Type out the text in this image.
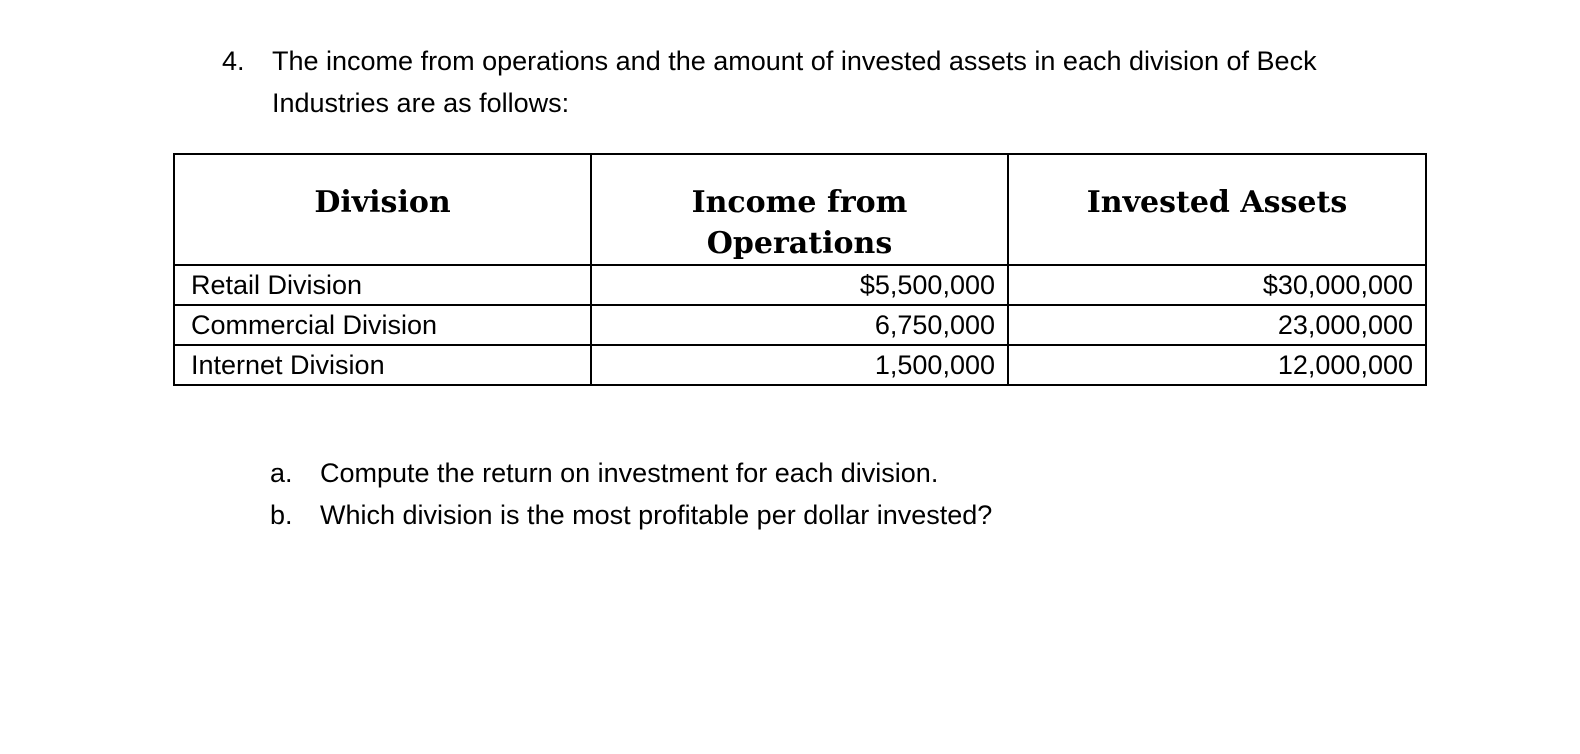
4. The income from operations and the amount of invested assets in each division of Beck Industries are as follows:
Division	Income from Operations	Invested Assets
Retail Division	$5,500,000	$30,000,000
Commercial Division	6,750,000	23,000,000
Internet Division	1,500,000	12,000,000
a. Compute the return on investment for each division.
b. Which division is the most profitable per dollar invested?
